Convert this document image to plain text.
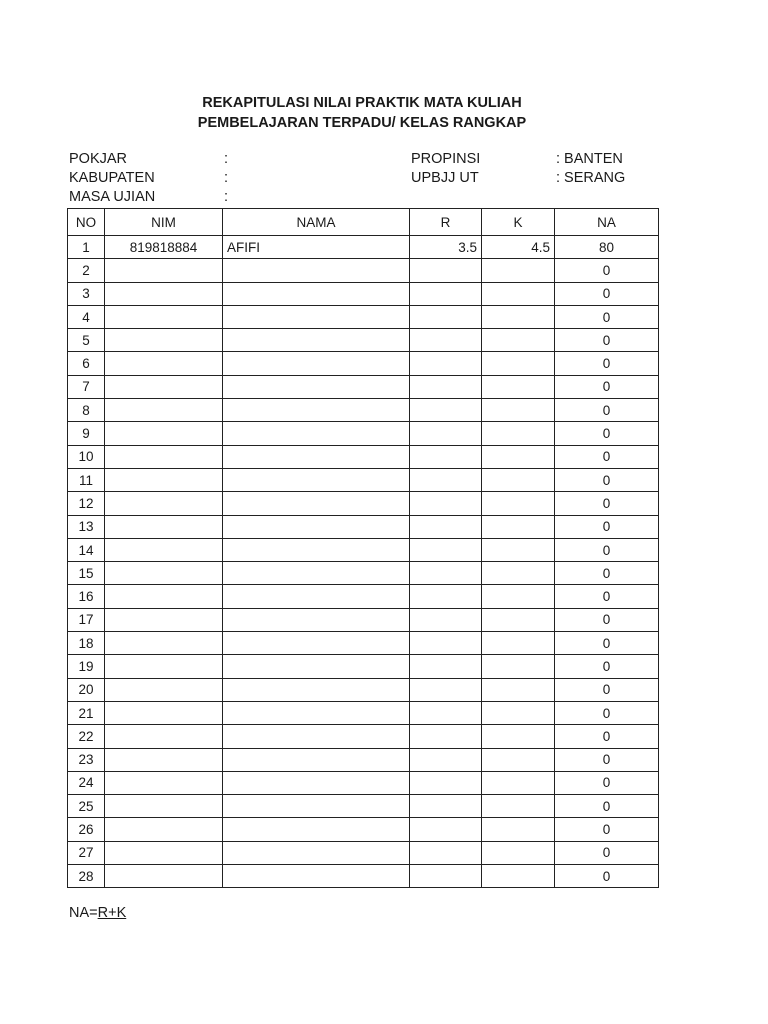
REKAPITULASI NILAI PRAKTIK MATA KULIAH
PEMBELAJARAN TERPADU/ KELAS RANGKAP
POKJAR	:
KABUPATEN	:
MASA UJIAN	:
PROPINSI	: BANTEN
UPBJJ UT	: SERANG
NO	NIM	NAMA	R	K	NA
1	819818884	AFIFI	3.5	4.5	80
2					0
3					0
4					0
5					0
6					0
7					0
8					0
9					0
10					0
11					0
12					0
13					0
14					0
15					0
16					0
17					0
18					0
19					0
20					0
21					0
22					0
23					0
24					0
25					0
26					0
27					0
28					0
NA=R+K
